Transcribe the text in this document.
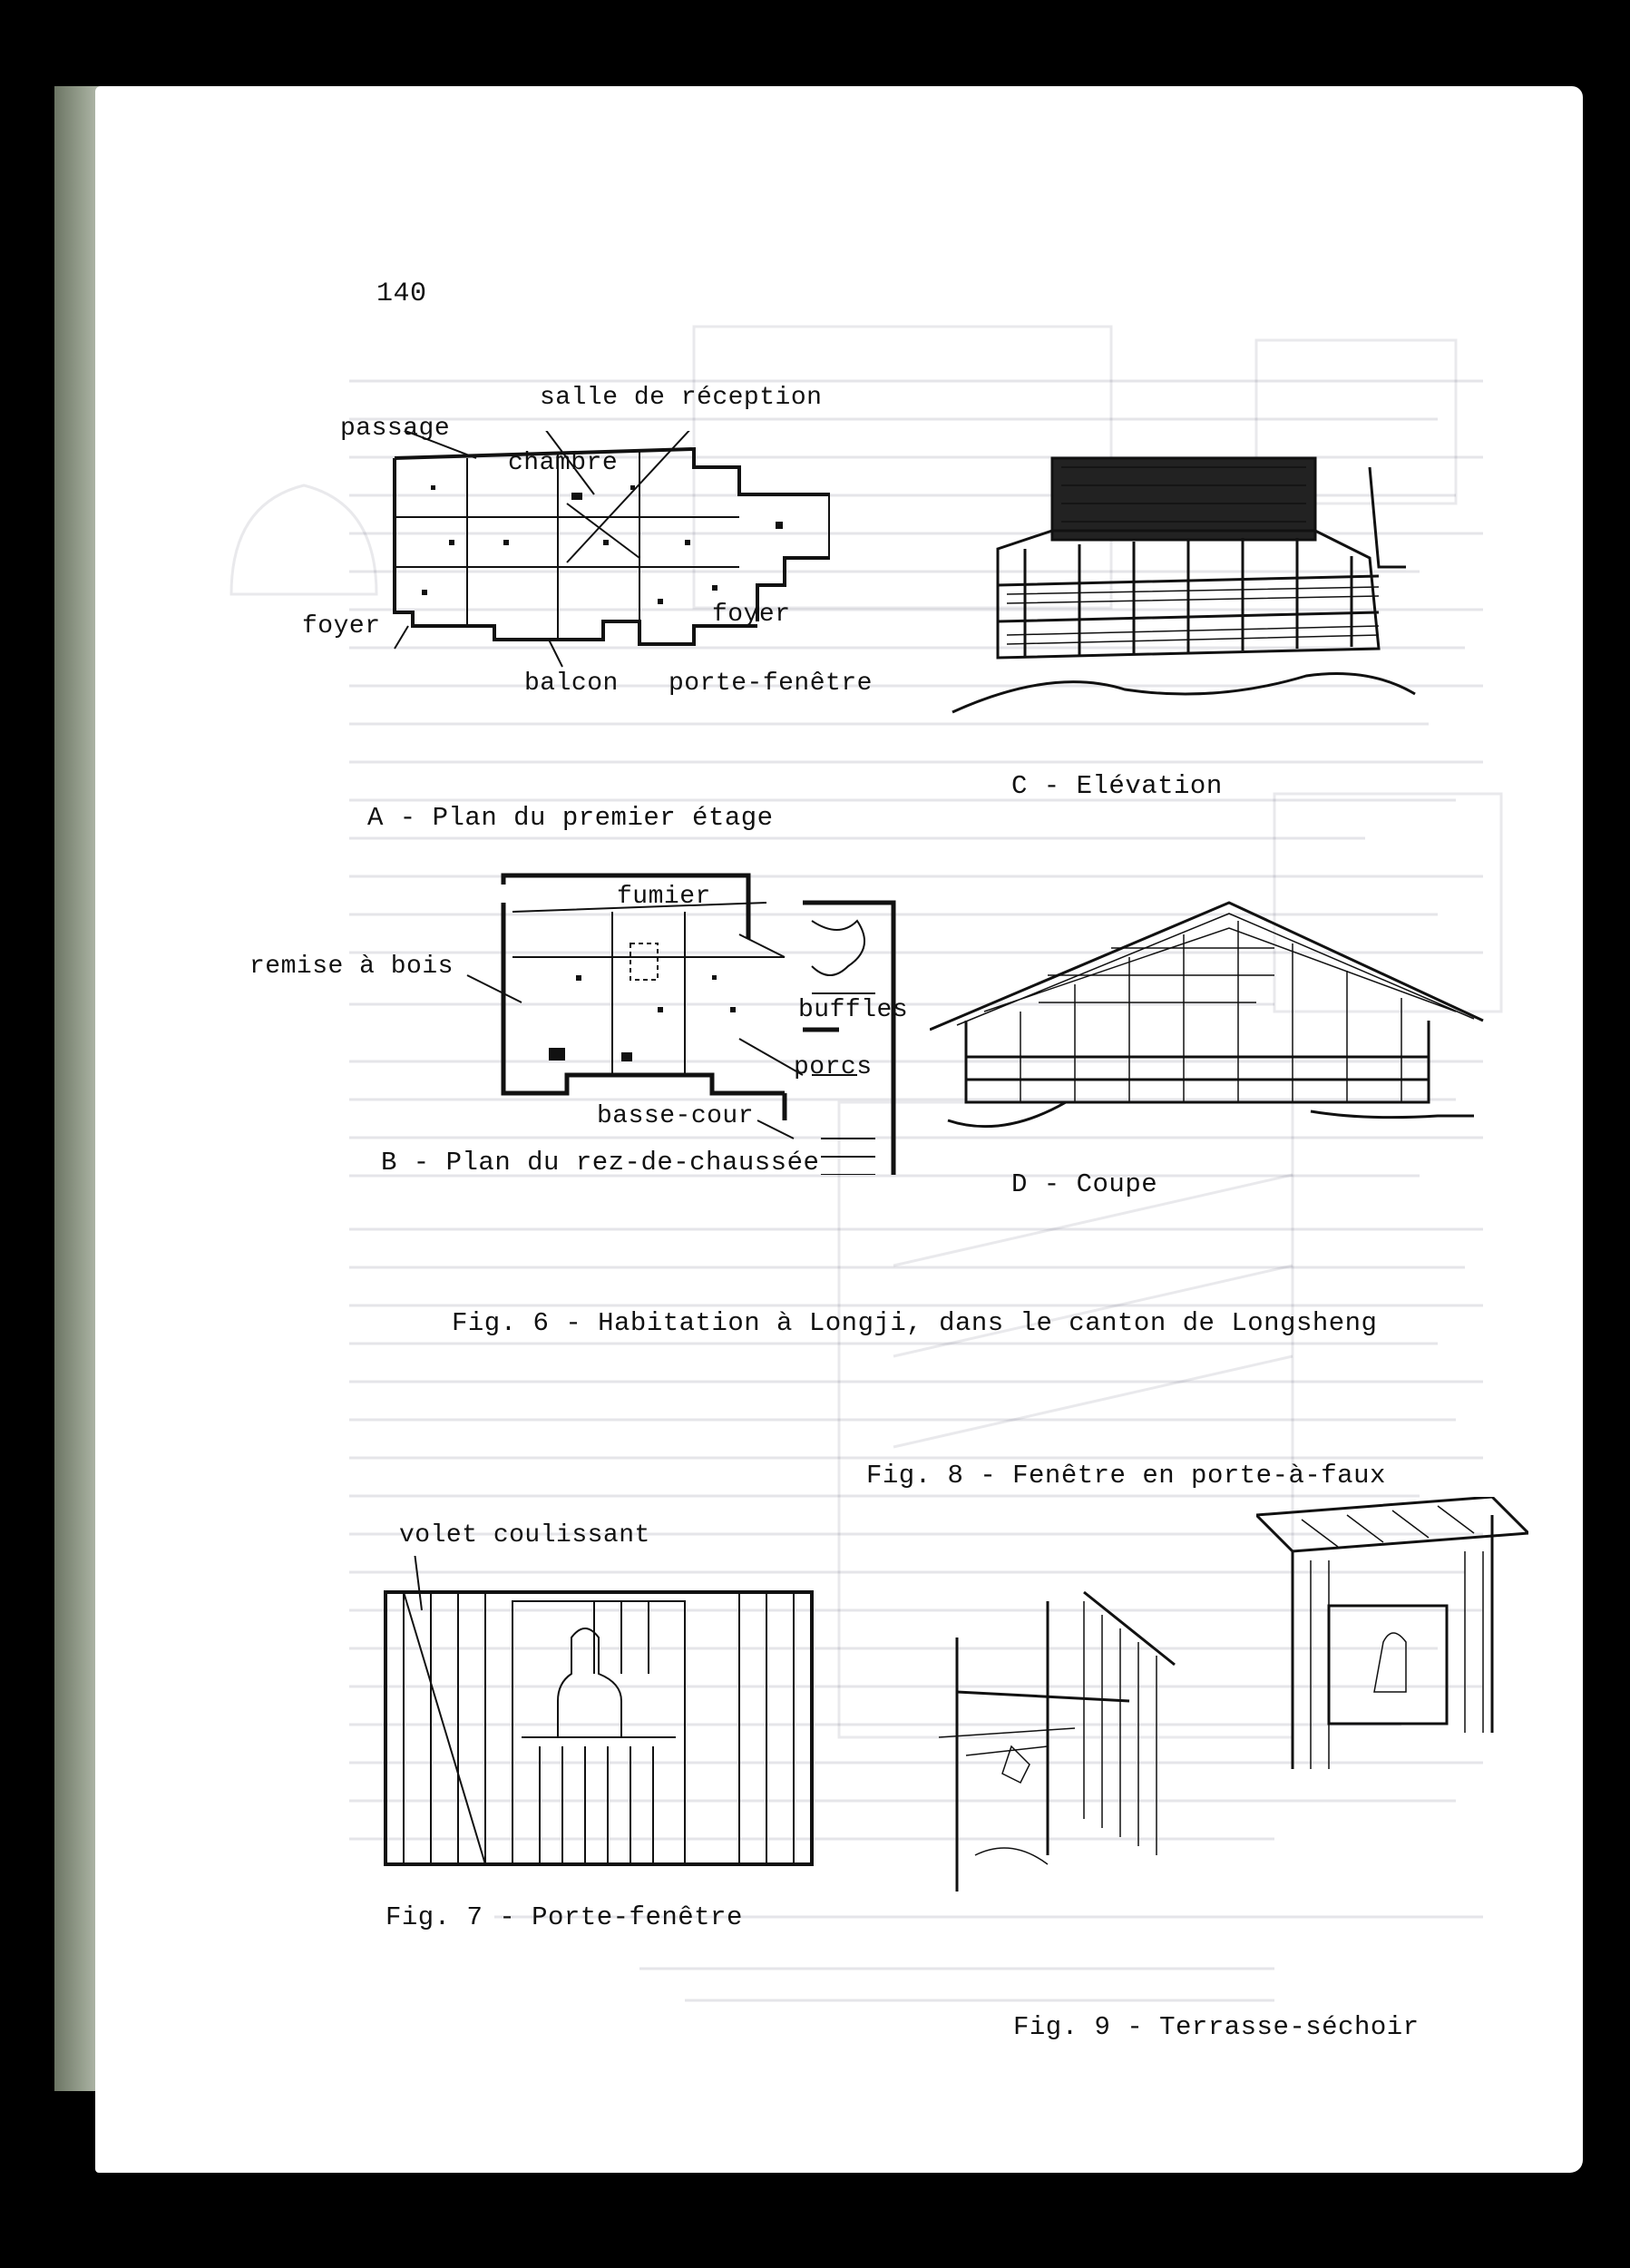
140
salle de réception
passage
chambre
foyer	foyer
balcon porte-fenêtre
A - Plan du premier étage
C - Elévation
fumier
remise à bois
buffles
porcs
basse-cour
B - Plan du rez-de-chaussée
D - Coupe
Fig. 6 - Habitation à Longji, dans le canton de Longsheng
Fig. 8 - Fenêtre en porte-à-faux
volet coulissant
Fig. 7 - Porte-fenêtre
Fig. 9 - Terrasse-séchoir
